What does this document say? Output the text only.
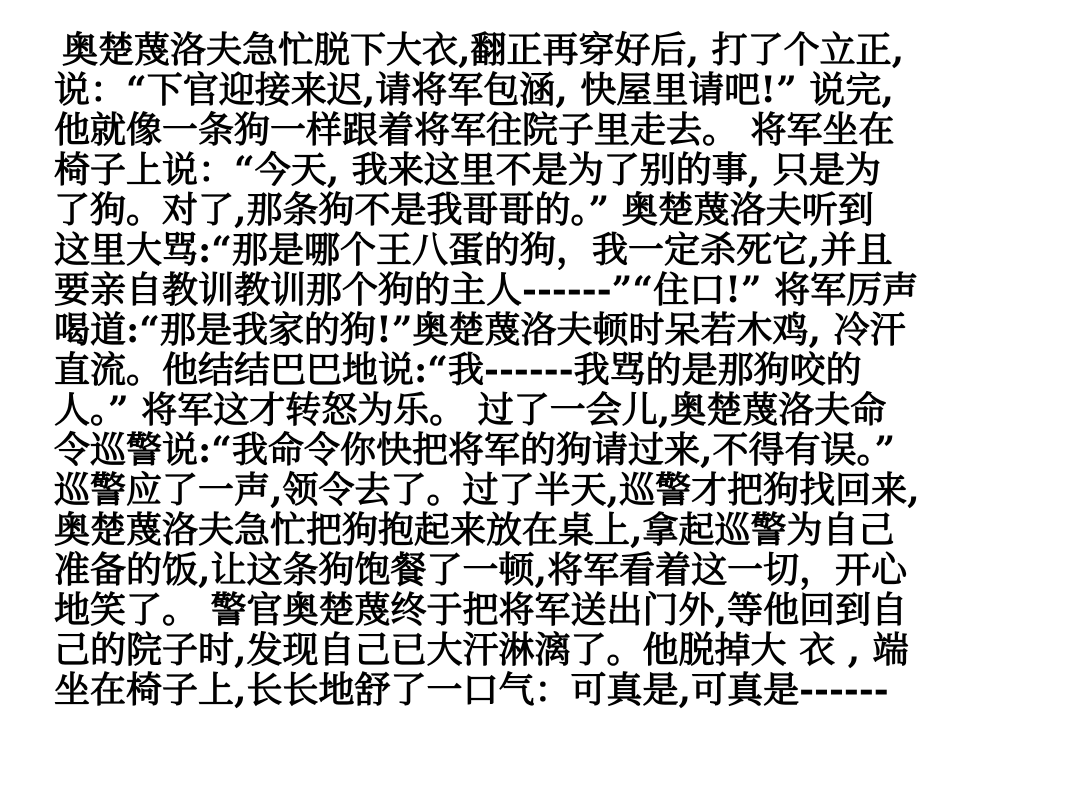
奥楚蔑洛夫急忙脱下大衣,翻正再穿好后, 打了个立正,
说：“下官迎接来迟,请将军包涵, 快屋里请吧!” 说完,
他就像一条狗一样跟着将军往院子里走去。 将军坐在
椅子上说：“今天, 我来这里不是为了别的事, 只是为
了狗。对了,那条狗不是我哥哥的。” 奥楚蔑洛夫听到
这里大骂:“那是哪个王八蛋的狗，我一定杀死它,并且
要亲自教训教训那个狗的主人------”“住口!” 将军厉声
喝道:“那是我家的狗!”奥楚蔑洛夫顿时呆若木鸡, 冷汗
直流。他结结巴巴地说:“我------我骂的是那狗咬的
人。” 将军这才转怒为乐。 过了一会儿,奥楚蔑洛夫命
令巡警说:“我命令你快把将军的狗请过来,不得有误。”
巡警应了一声,领令去了。过了半天,巡警才把狗找回来,
奥楚蔑洛夫急忙把狗抱起来放在桌上,拿起巡警为自己
准备的饭,让这条狗饱餐了一顿,将军看着这一切，开心
地笑了。 警官奥楚蔑终于把将军送出门外,等他回到自
己的院子时,发现自己已大汗淋漓了。他脱掉大 衣 , 端
坐在椅子上,长长地舒了一口气：可真是,可真是------
